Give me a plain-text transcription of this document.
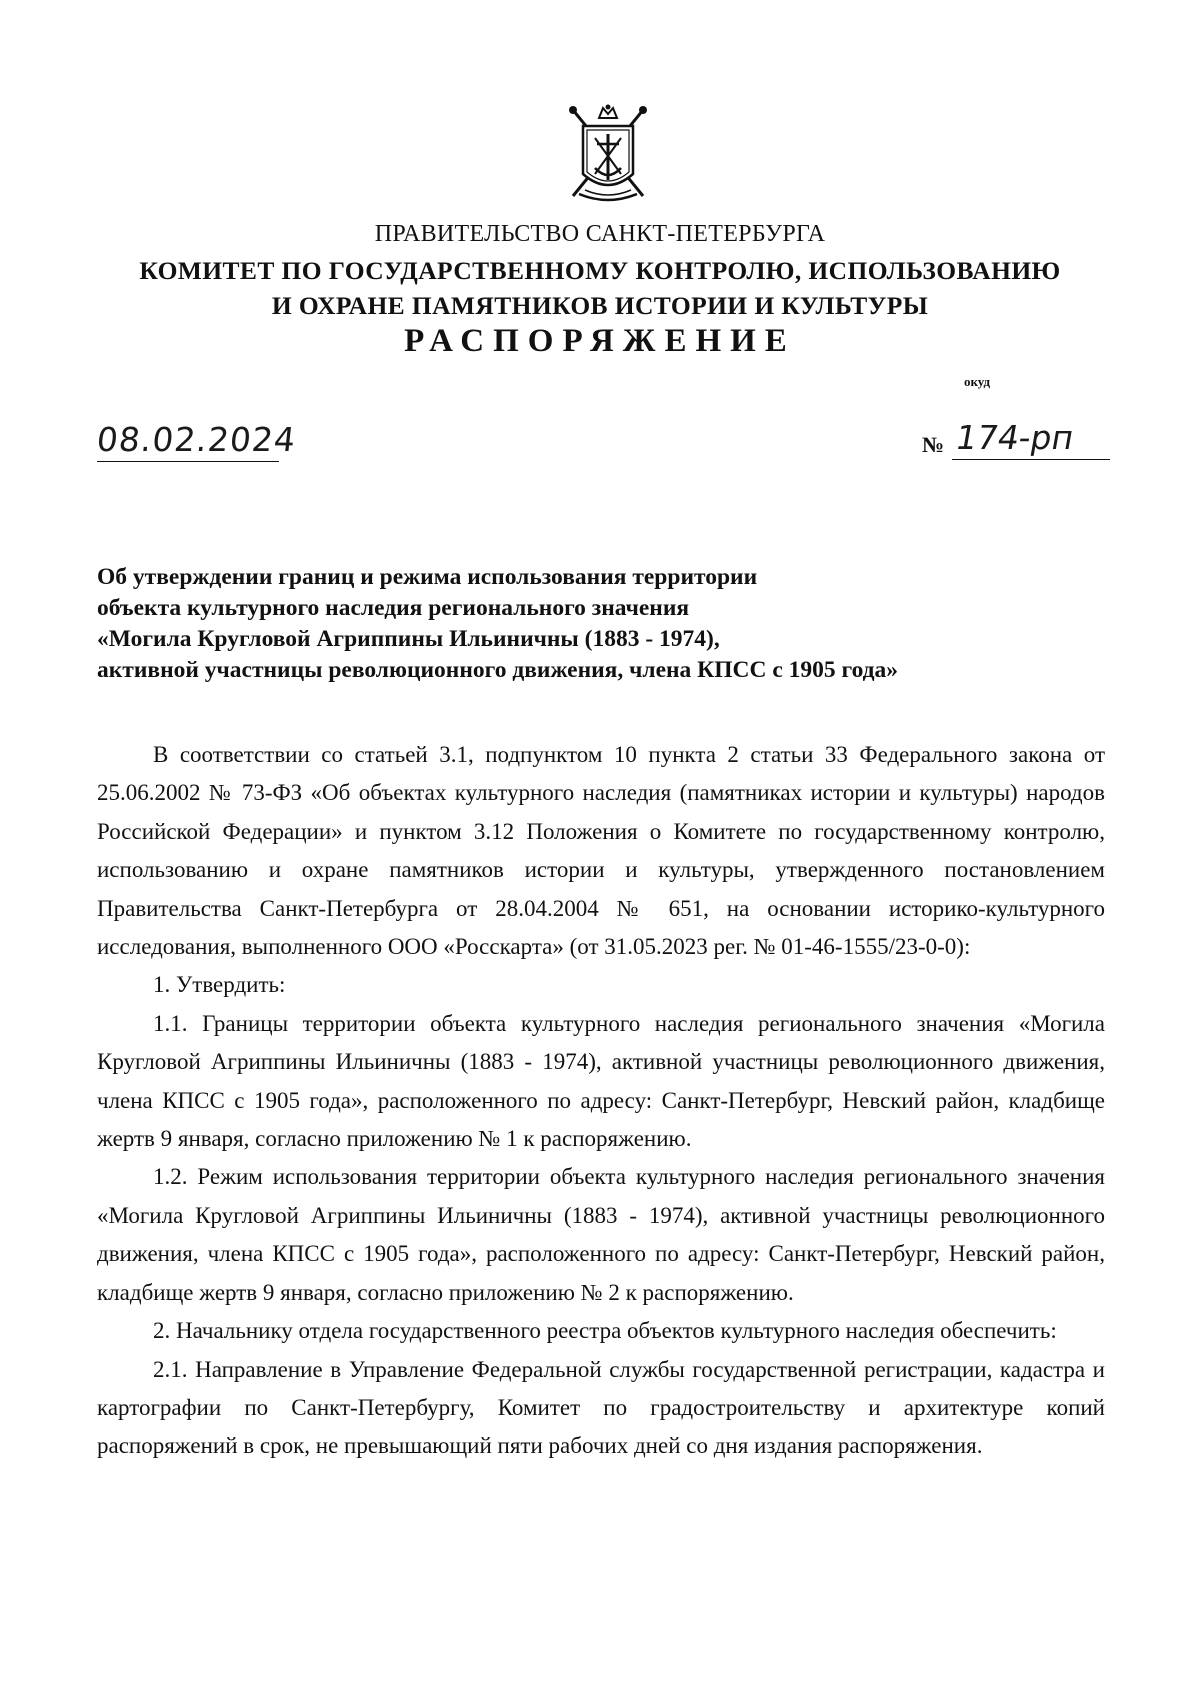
ПРАВИТЕЛЬСТВО САНКТ-ПЕТЕРБУРГА
КОМИТЕТ ПО ГОСУДАРСТВЕННОМУ КОНТРОЛЮ, ИСПОЛЬЗОВАНИЮ
И ОХРАНЕ ПАМЯТНИКОВ ИСТОРИИ И КУЛЬТУРЫ
РАСПОРЯЖЕНИЕ
окуд
08.02.2024	№ 174-рп
Об утверждении границ и режима использования территории
объекта культурного наследия регионального значения
«Могила Кругловой Агриппины Ильиничны (1883 - 1974),
активной участницы революционного движения, члена КПСС с 1905 года»

В соответствии со статьей 3.1, подпунктом 10 пункта 2 статьи 33 Федерального закона от 25.06.2002 № 73-ФЗ «Об объектах культурного наследия (памятниках истории и культуры) народов Российской Федерации» и пунктом 3.12 Положения о Комитете по государственному контролю, использованию и охране памятников истории и культуры, утвержденного постановлением Правительства Санкт-Петербурга от 28.04.2004 № 651, на основании историко-культурного исследования, выполненного ООО «Росскарта» (от 31.05.2023 рег. № 01-46-1555/23-0-0):

1. Утвердить:

1.1. Границы территории объекта культурного наследия регионального значения «Могила Кругловой Агриппины Ильиничны (1883 - 1974), активной участницы революционного движения, члена КПСС с 1905 года», расположенного по адресу: Санкт-Петербург, Невский район, кладбище жертв 9 января, согласно приложению № 1 к распоряжению.

1.2. Режим использования территории объекта культурного наследия регионального значения «Могила Кругловой Агриппины Ильиничны (1883 - 1974), активной участницы революционного движения, члена КПСС с 1905 года», расположенного по адресу: Санкт-Петербург, Невский район, кладбище жертв 9 января, согласно приложению № 2 к распоряжению.

2. Начальнику отдела государственного реестра объектов культурного наследия обеспечить:

2.1. Направление в Управление Федеральной службы государственной регистрации, кадастра и картографии по Санкт-Петербургу, Комитет по градостроительству и архитектуре копий распоряжений в срок, не превышающий пяти рабочих дней со дня издания распоряжения.
